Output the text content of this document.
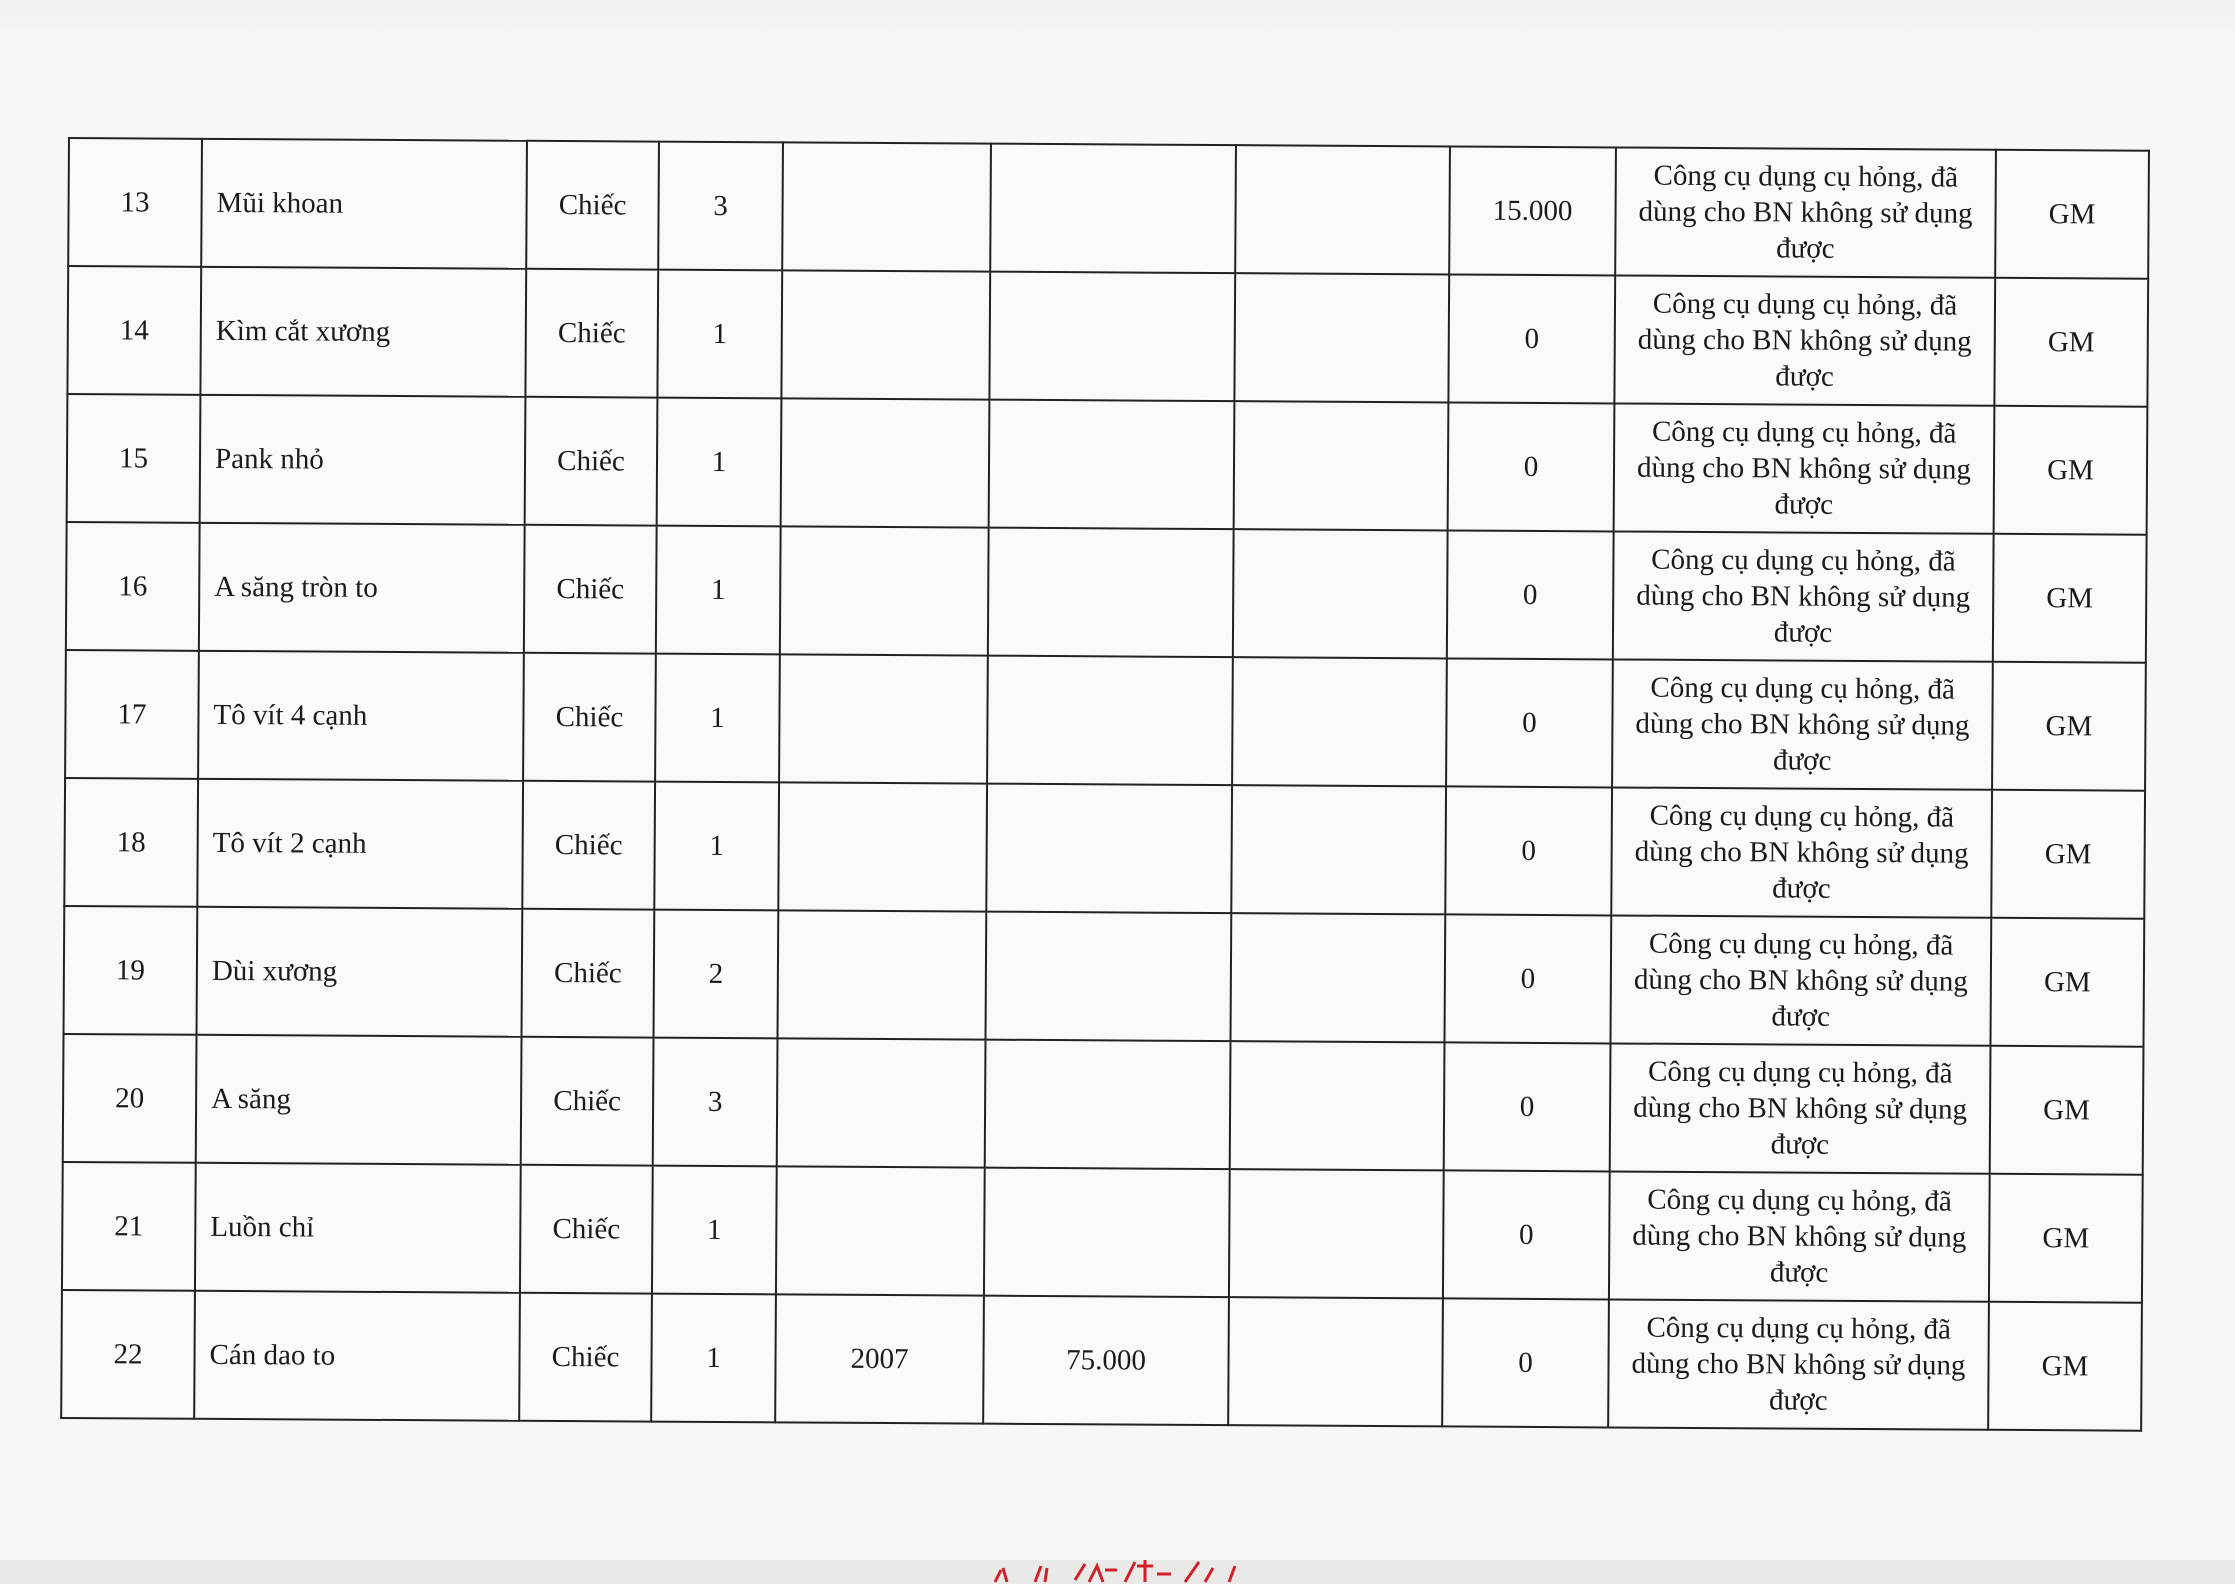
13	Mũi khoan	Chiếc	3				15.000	Công cụ dụng cụ hỏng, đã dùng cho BN không sử dụng được	GM
14	Kìm cắt xương	Chiếc	1				0	Công cụ dụng cụ hỏng, đã dùng cho BN không sử dụng được	GM
15	Pank nhỏ	Chiếc	1				0	Công cụ dụng cụ hỏng, đã dùng cho BN không sử dụng được	GM
16	A săng tròn to	Chiếc	1				0	Công cụ dụng cụ hỏng, đã dùng cho BN không sử dụng được	GM
17	Tô vít 4 cạnh	Chiếc	1				0	Công cụ dụng cụ hỏng, đã dùng cho BN không sử dụng được	GM
18	Tô vít 2 cạnh	Chiếc	1				0	Công cụ dụng cụ hỏng, đã dùng cho BN không sử dụng được	GM
19	Dùi xương	Chiếc	2				0	Công cụ dụng cụ hỏng, đã dùng cho BN không sử dụng được	GM
20	A săng	Chiếc	3				0	Công cụ dụng cụ hỏng, đã dùng cho BN không sử dụng được	GM
21	Luồn chỉ	Chiếc	1				0	Công cụ dụng cụ hỏng, đã dùng cho BN không sử dụng được	GM
22	Cán dao to	Chiếc	1	2007	75.000		0	Công cụ dụng cụ hỏng, đã dùng cho BN không sử dụng được	GM
